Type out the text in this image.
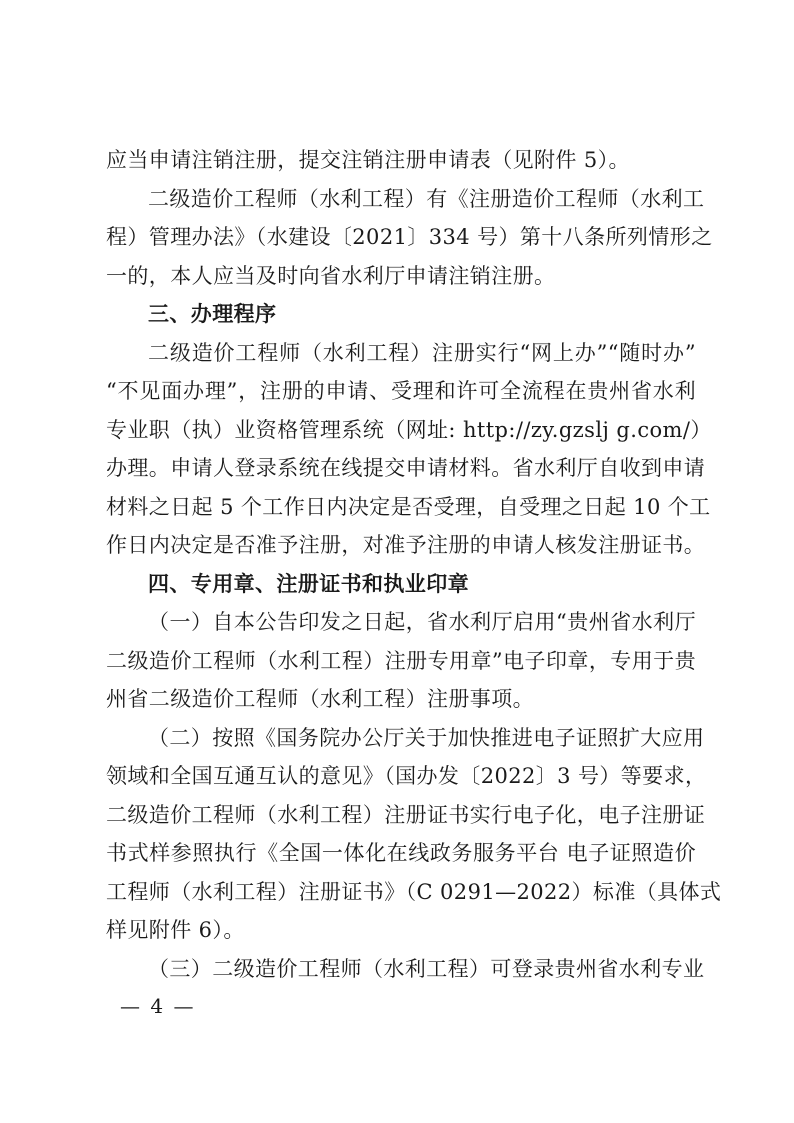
应当申请注销注册，提交注销注册申请表（见附件 5）。
二级造价工程师（水利工程）有《注册造价工程师（水利工
程）管理办法》（水建设〔2021〕334 号）第十八条所列情形之
一的，本人应当及时向省水利厅申请注销注册。
三、办理程序
二级造价工程师（水利工程）注册实行“网上办”“随时办”
“不见面办理”，注册的申请、受理和许可全流程在贵州省水利
专业职（执）业资格管理系统（网址: http://zy.gzslj g.com/）
办理。申请人登录系统在线提交申请材料。省水利厅自收到申请
材料之日起 5 个工作日内决定是否受理，自受理之日起 10 个工
作日内决定是否准予注册，对准予注册的申请人核发注册证书。
四、专用章、注册证书和执业印章
（一）自本公告印发之日起，省水利厅启用“贵州省水利厅
二级造价工程师（水利工程）注册专用章”电子印章，专用于贵
州省二级造价工程师（水利工程）注册事项。
（二）按照《国务院办公厅关于加快推进电子证照扩大应用
领域和全国互通互认的意见》（国办发〔2022〕3 号）等要求，
二级造价工程师（水利工程）注册证书实行电子化，电子注册证
书式样参照执行《全国一体化在线政务服务平台 电子证照造价
工程师（水利工程）注册证书》（C 0291—2022）标准（具体式
样见附件 6）。
（三）二级造价工程师（水利工程）可登录贵州省水利专业
— 4 —
